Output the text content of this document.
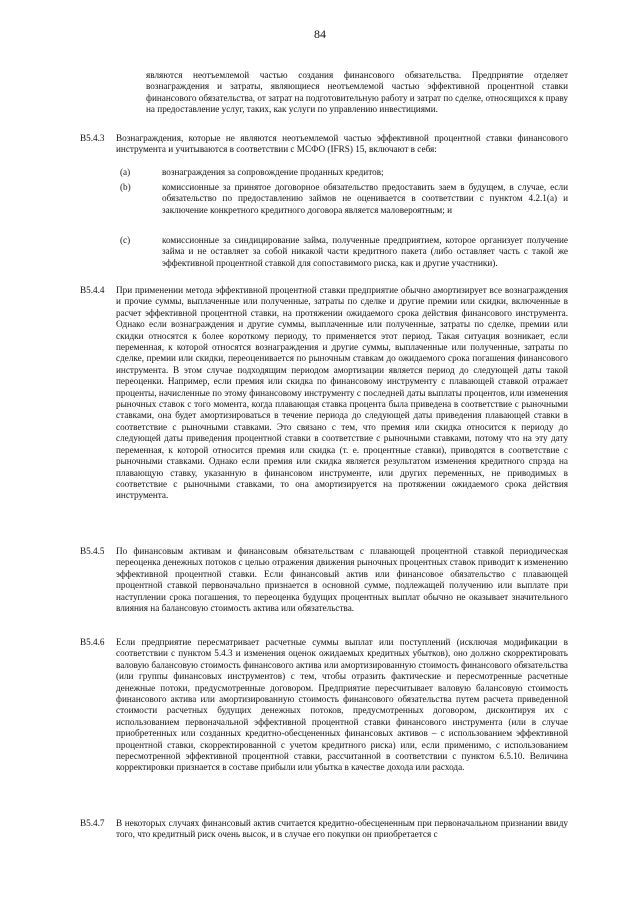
84

являются неотъемлемой частью создания финансового обязательства. Предприятие отделяет вознаграждения и затраты, являющиеся неотъемлемой частью эффективной процентной ставки финансового обязательства, от затрат на подготовительную работу и затрат по сделке, относящихся к праву на предоставление услуг, таких, как услуги по управлению инвестициями.

B5.4.3 Вознаграждения, которые не являются неотъемлемой частью эффективной процентной ставки финансового инструмента и учитываются в соответствии с МСФО (IFRS) 15, включают в себя:

(a)	вознаграждения за сопровождение проданных кредитов;

(b)	комиссионные за принятое договорное обязательство предоставить заем в будущем, в случае, если обязательство по предоставлению займов не оценивается в соответствии с пунктом 4.2.1(a) и заключение конкретного кредитного договора является маловероятным; и

(c)	комиссионные за синдицирование займа, полученные предприятием, которое организует получение займа и не оставляет за собой никакой части кредитного пакета (либо оставляет часть с такой же эффективной процентной ставкой для сопоставимого риска, как и другие участники).

B5.4.4 При применении метода эффективной процентной ставки предприятие обычно амортизирует все вознаграждения и прочие суммы, выплаченные или полученные, затраты по сделке и другие премии или скидки, включенные в расчет эффективной процентной ставки, на протяжении ожидаемого срока действия финансового инструмента. Однако если вознаграждения и другие суммы, выплаченные или полученные, затраты по сделке, премии или скидки относятся к более короткому периоду, то применяется этот период. Такая ситуация возникает, если переменная, к которой относятся вознаграждения и другие суммы, выплаченные или полученные, затраты по сделке, премии или скидки, переоценивается по рыночным ставкам до ожидаемого срока погашения финансового инструмента. В этом случае подходящим периодом амортизации является период до следующей даты такой переоценки. Например, если премия или скидка по финансовому инструменту с плавающей ставкой отражает проценты, начисленные по этому финансовому инструменту с последней даты выплаты процентов, или изменения рыночных ставок с того момента, когда плавающая ставка процента была приведена в соответствие с рыночными ставками, она будет амортизироваться в течение периода до следующей даты приведения плавающей ставки в соответствие с рыночными ставками. Это связано с тем, что премия или скидка относится к периоду до следующей даты приведения процентной ставки в соответствие с рыночными ставками, потому что на эту дату переменная, к которой относится премия или скидка (т. е. процентные ставки), приводятся в соответствие с рыночными ставками. Однако если премия или скидка является результатом изменения кредитного спрэда на плавающую ставку, указанную в финансовом инструменте, или других переменных, не приводимых в соответствие с рыночными ставками, то она амортизируется на протяжении ожидаемого срока действия инструмента.

B5.4.5 По финансовым активам и финансовым обязательствам с плавающей процентной ставкой периодическая переоценка денежных потоков с целью отражения движения рыночных процентных ставок приводит к изменению эффективной процентной ставки. Если финансовый актив или финансовое обязательство с плавающей процентной ставкой первоначально признается в основной сумме, подлежащей получению или выплате при наступлении срока погашения, то переоценка будущих процентных выплат обычно не оказывает значительного влияния на балансовую стоимость актива или обязательства.

B5.4.6 Если предприятие пересматривает расчетные суммы выплат или поступлений (исключая модификации в соответствии с пунктом 5.4.3 и изменения оценок ожидаемых кредитных убытков), оно должно скорректировать валовую балансовую стоимость финансового актива или амортизированную стоимость финансового обязательства (или группы финансовых инструментов) с тем, чтобы отразить фактические и пересмотренные расчетные денежные потоки, предусмотренные договором. Предприятие пересчитывает валовую балансовую стоимость финансового актива или амортизированную стоимость финансового обязательства путем расчета приведенной стоимости расчетных будущих денежных потоков, предусмотренных договором, дисконтируя их с использованием первоначальной эффективной процентной ставки финансового инструмента (или в случае приобретенных или созданных кредитно-обесцененных финансовых активов – с использованием эффективной процентной ставки, скорректированной с учетом кредитного риска) или, если применимо, с использованием пересмотренной эффективной процентной ставки, рассчитанной в соответствии с пунктом 6.5.10. Величина корректировки признается в составе прибыли или убытка в качестве дохода или расхода.

B5.4.7 В некоторых случаях финансовый актив считается кредитно-обесцененным при первоначальном признании ввиду того, что кредитный риск очень высок, и в случае его покупки он приобретается с
